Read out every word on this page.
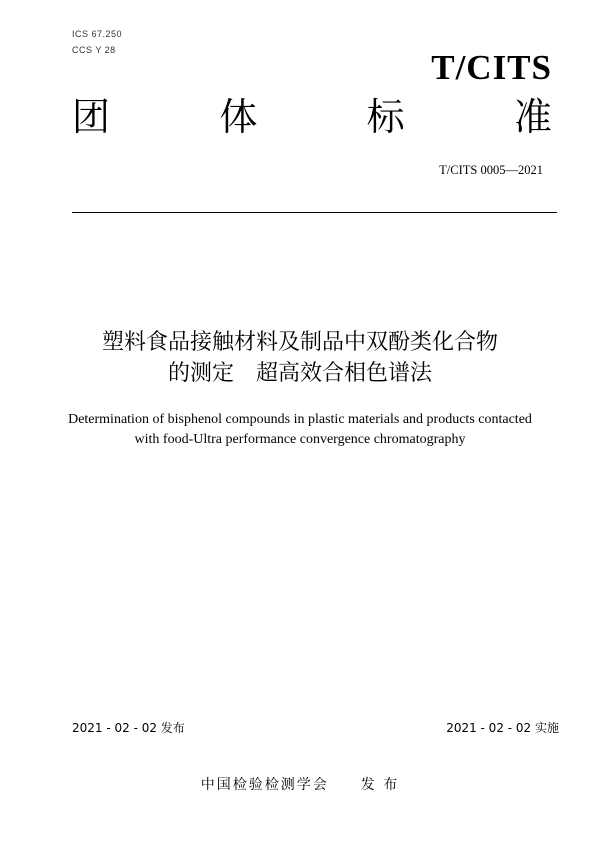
ICS 67.250
CCS Y 28	T/CITS
团	体	标	准
T/CITS 0005—2021
塑料食品接触材料及制品中双酚类化合物
的测定　超高效合相色谱法
Determination of bisphenol compounds in plastic materials and products contacted
with food-Ultra performance convergence chromatography
2021 - 02 - 02 发布	2021 - 02 - 02 实施
中国检验检测学会　　发 布
